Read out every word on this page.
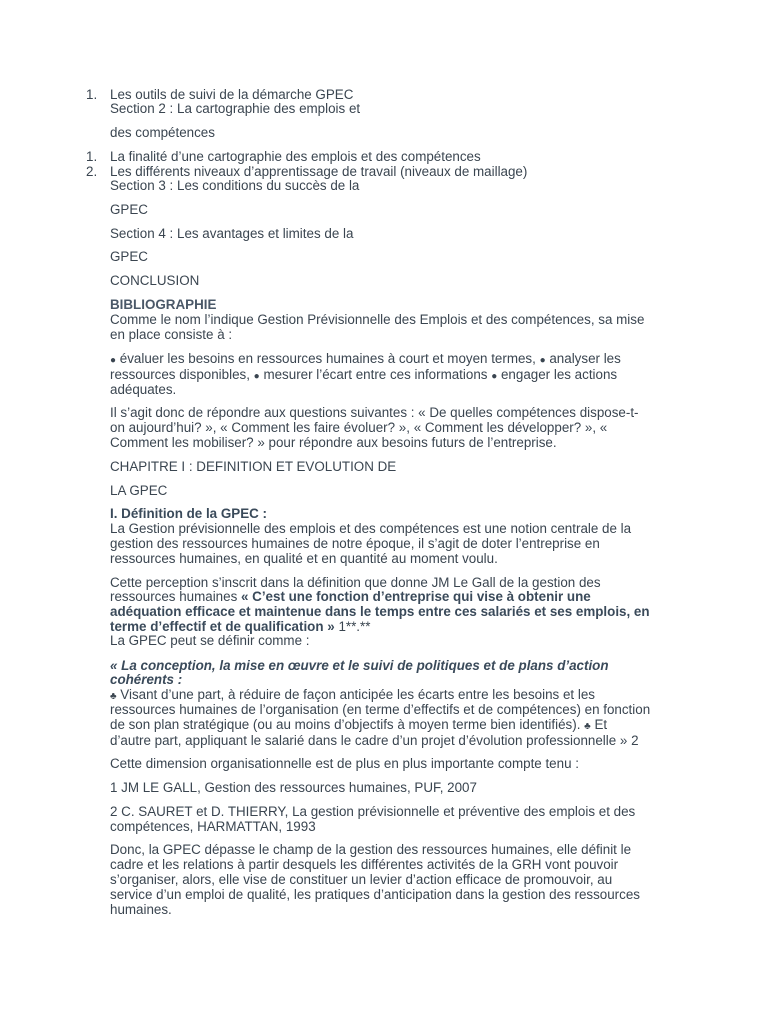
1. Les outils de suivi de la démarche GPEC
Section 2 : La cartographie des emplois et
des compétences
1. La finalité d’une cartographie des emplois et des compétences
2. Les différents niveaux d’apprentissage de travail (niveaux de maillage)
Section 3 : Les conditions du succès de la
GPEC
Section 4 : Les avantages et limites de la
GPEC
CONCLUSION
BIBLIOGRAPHIE
Comme le nom l’indique Gestion Prévisionnelle des Emplois et des compétences, sa mise
en place consiste à :
● évaluer les besoins en ressources humaines à court et moyen termes, ● analyser les
ressources disponibles, ● mesurer l’écart entre ces informations ● engager les actions
adéquates.
Il s’agit donc de répondre aux questions suivantes : « De quelles compétences dispose-t-
on aujourd’hui? », « Comment les faire évoluer? », « Comment les développer? », «
Comment les mobiliser? » pour répondre aux besoins futurs de l’entreprise.
CHAPITRE I : DEFINITION ET EVOLUTION DE
LA GPEC
I. Définition de la GPEC :
La Gestion prévisionnelle des emplois et des compétences est une notion centrale de la
gestion des ressources humaines de notre époque, il s’agit de doter l’entreprise en
ressources humaines, en qualité et en quantité au moment voulu.
Cette perception s’inscrit dans la définition que donne JM Le Gall de la gestion des
ressources humaines « C’est une fonction d’entreprise qui vise à obtenir une
adéquation efficace et maintenue dans le temps entre ces salariés et ses emplois, en
terme d’effectif et de qualification » 1**.**
La GPEC peut se définir comme :
« La conception, la mise en œuvre et le suivi de politiques et de plans d’action
cohérents :
♣ Visant d’une part, à réduire de façon anticipée les écarts entre les besoins et les
ressources humaines de l’organisation (en terme d’effectifs et de compétences) en fonction
de son plan stratégique (ou au moins d’objectifs à moyen terme bien identifiés). ♣ Et
d’autre part, appliquant le salarié dans le cadre d’un projet d’évolution professionnelle » 2
Cette dimension organisationnelle est de plus en plus importante compte tenu :
1 JM LE GALL, Gestion des ressources humaines, PUF, 2007
2 C. SAURET et D. THIERRY, La gestion prévisionnelle et préventive des emplois et des
compétences, HARMATTAN, 1993
Donc, la GPEC dépasse le champ de la gestion des ressources humaines, elle définit le
cadre et les relations à partir desquels les différentes activités de la GRH vont pouvoir
s’organiser, alors, elle vise de constituer un levier d’action efficace de promouvoir, au
service d’un emploi de qualité, les pratiques d’anticipation dans la gestion des ressources
humaines.
